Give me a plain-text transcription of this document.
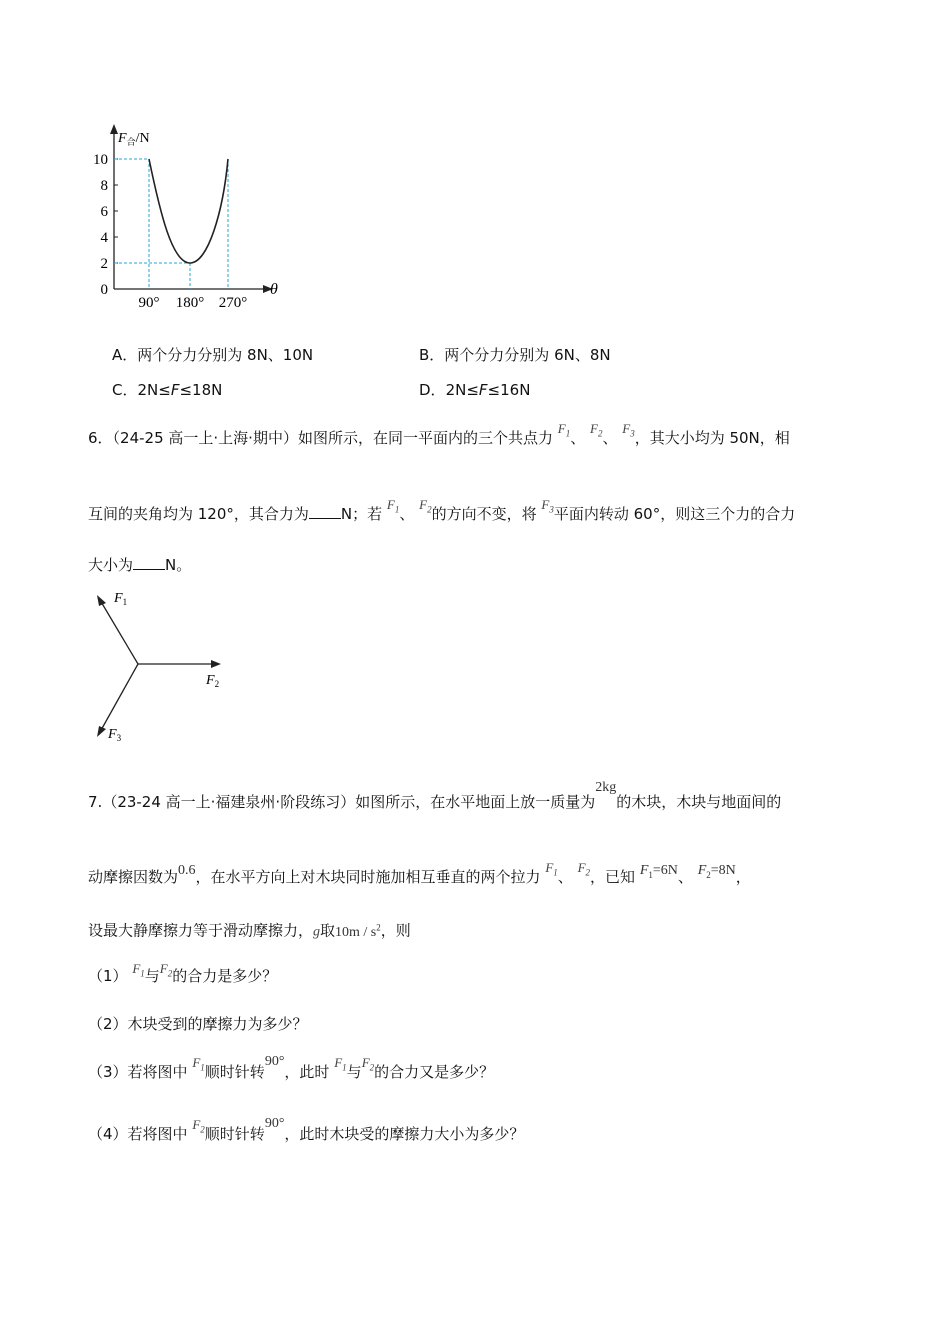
$F_合/N$
10
8
6
4
2
0
90° 180° 270°
θ
A．两个分力分别为 8N、10N	B．两个分力分别为 6N、8N
C．2N≤F≤18N	D．2N≤F≤16N
6．（24-25 高一上·上海·期中）如图所示，在同一平面内的三个共点力 $F_1$、 $F_2$、 $F_3$，其大小均为 50N，相
互间的夹角均为 120°，其合力为 N；若 $F_1$、 $F_2$的方向不变，将 $F_3$平面内转动 60°，则这三个力的合力
大小为 N。
$F_1$
$F_2$
$F_3$
7.（23-24 高一上·福建泉州·阶段练习）如图所示，在水平地面上放一质量为2kg的木块，木块与地面间的
动摩擦因数为0.6，在水平方向上对木块同时施加相互垂直的两个拉力 $F_1$、 $F_2$，已知 $F_1=6N$、 $F_2=8N$，
设最大静摩擦力等于滑动摩擦力，g取$10m / s^2$，则
（1） $F_1$与$F_2$的合力是多少？
（2）木块受到的摩擦力为多少？
（3）若将图中 $F_1$顺时针转90°，此时 $F_1$与$F_2$的合力又是多少？
（4）若将图中 $F_2$顺时针转90°，此时木块受的摩擦力大小为多少？
